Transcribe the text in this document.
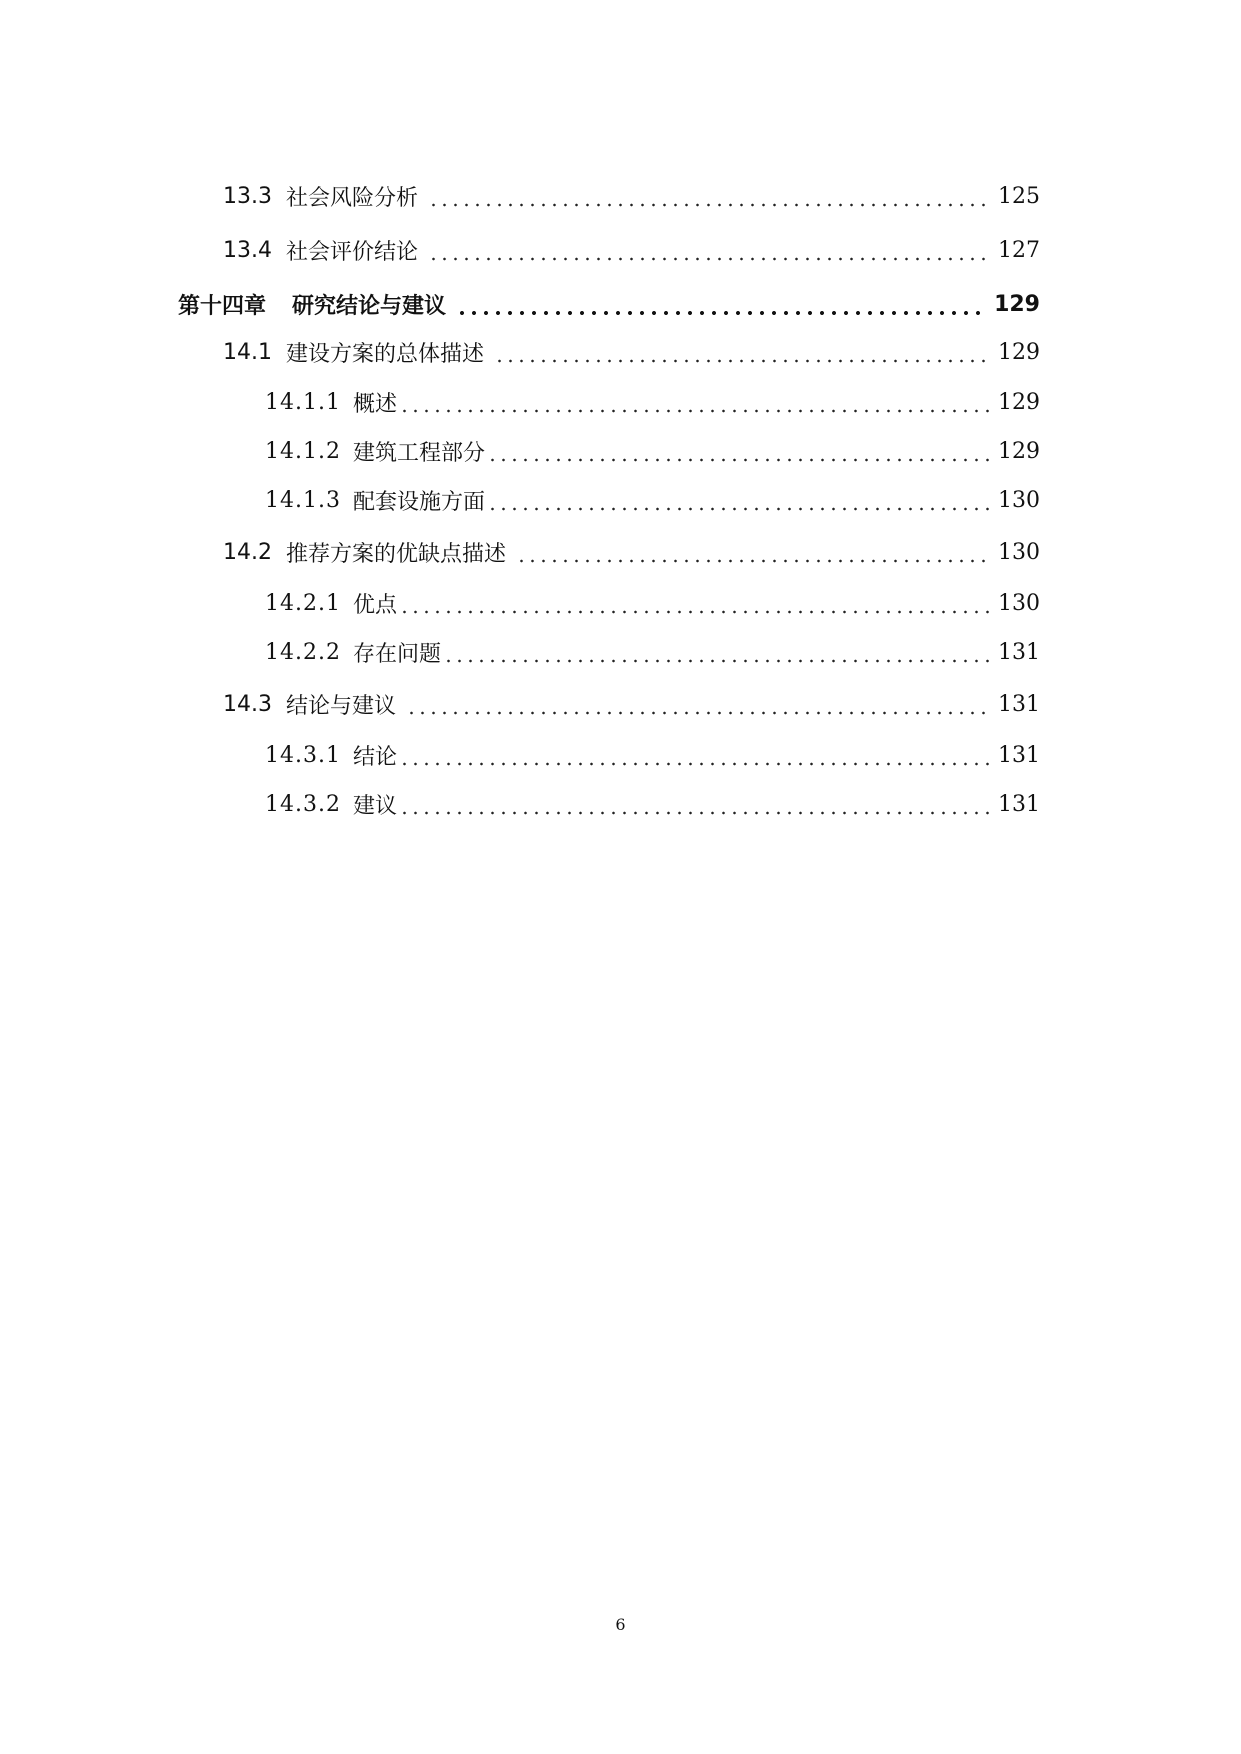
13.3 社会风险分析	125
13.4 社会评价结论	127
第十四章 研究结论与建议	129
14.1 建设方案的总体描述	129
14.1.1 概述	129
14.1.2 建筑工程部分	129
14.1.3 配套设施方面	130
14.2 推荐方案的优缺点描述	130
14.2.1 优点	130
14.2.2 存在问题	131
14.3 结论与建议	131
14.3.1 结论	131
14.3.2 建议	131
6
